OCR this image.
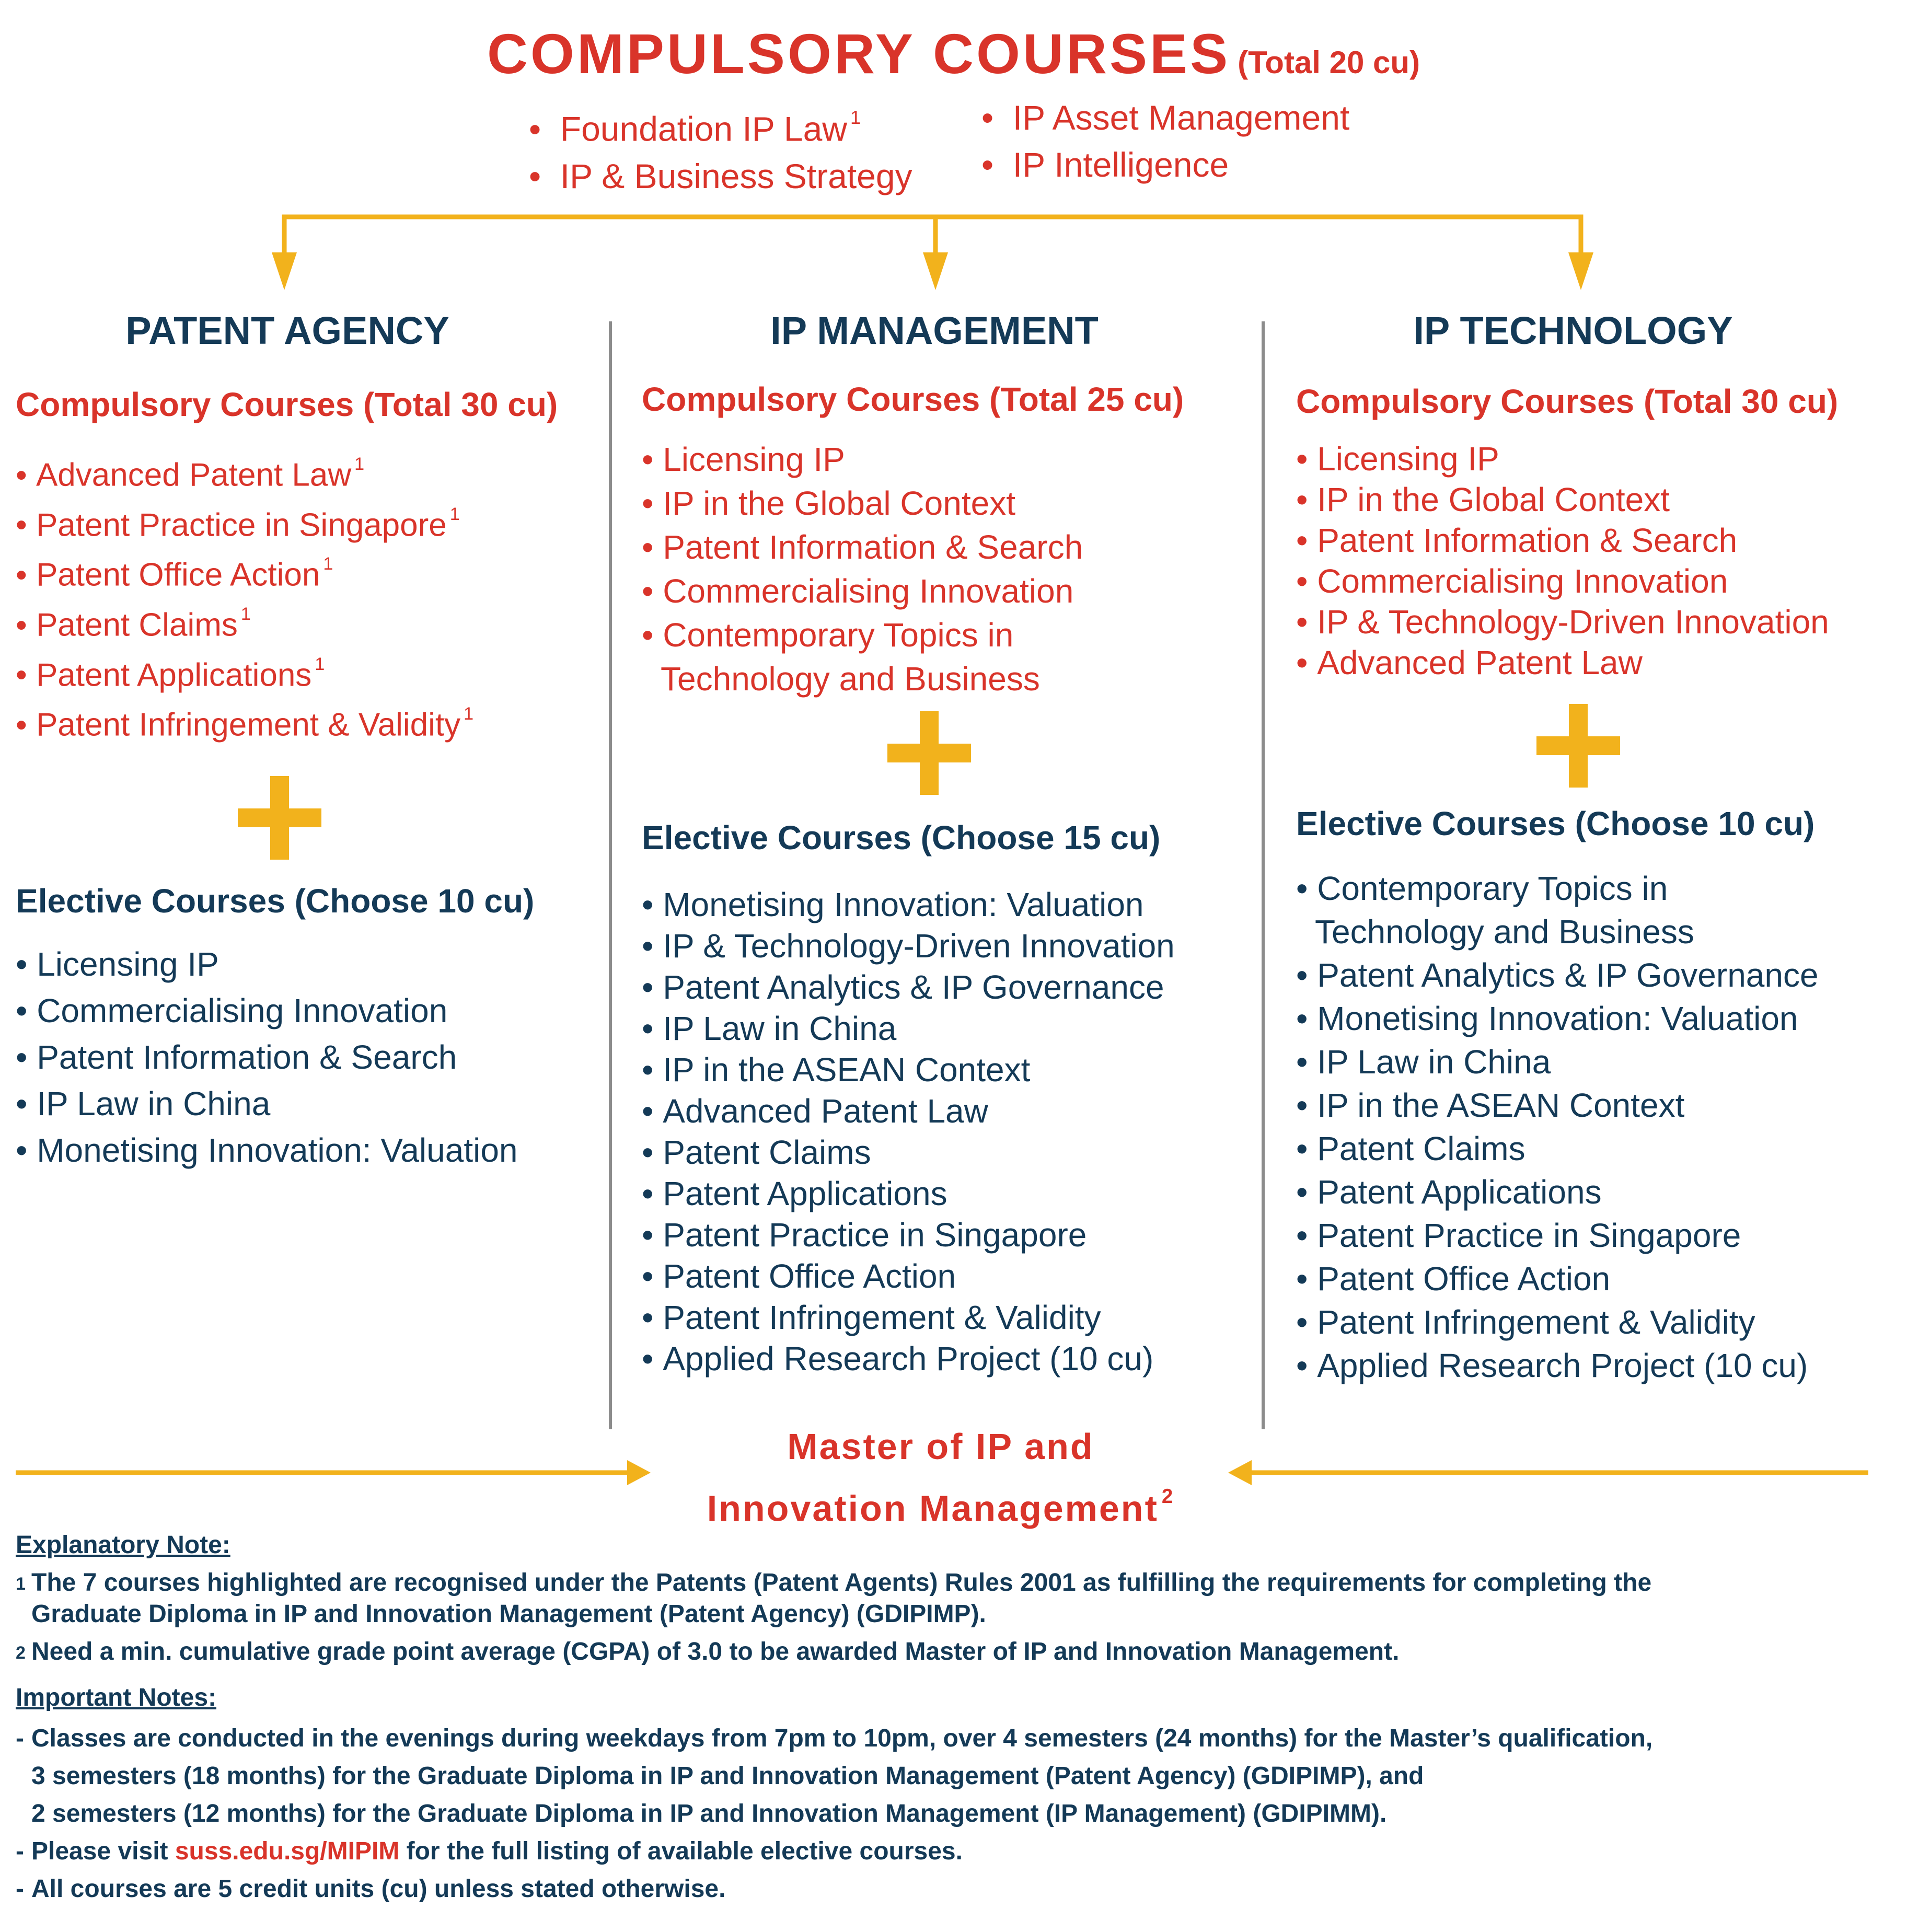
COMPULSORY COURSES (Total 20 cu)
•  Foundation IP Law $^1$
•  IP & Business Strategy
•  IP Asset Management
•  IP Intelligence
PATENT AGENCY
Compulsory Courses (Total 30 cu)
• Advanced Patent Law $^1$
• Patent Practice in Singapore $^1$
• Patent Office Action $^1$
• Patent Claims $^1$
• Patent Applications $^1$
• Patent Infringement & Validity $^1$
Elective Courses (Choose 10 cu)
• Licensing IP
• Commercialising Innovation
• Patent Information & Search
• IP Law in China
• Monetising Innovation: Valuation
IP MANAGEMENT
Compulsory Courses (Total 25 cu)
• Licensing IP
• IP in the Global Context
• Patent Information & Search
• Commercialising Innovation
• Contemporary Topics in
Technology and Business
Elective Courses (Choose 15 cu)
• Monetising Innovation: Valuation
• IP & Technology-Driven Innovation
• Patent Analytics & IP Governance
• IP Law in China
• IP in the ASEAN Context
• Advanced Patent Law
• Patent Claims
• Patent Applications
• Patent Practice in Singapore
• Patent Office Action
• Patent Infringement & Validity
• Applied Research Project (10 cu)
IP TECHNOLOGY
Compulsory Courses (Total 30 cu)
• Licensing IP
• IP in the Global Context
• Patent Information & Search
• Commercialising Innovation
• IP & Technology-Driven Innovation
• Advanced Patent Law
Elective Courses (Choose 10 cu)
• Contemporary Topics in
Technology and Business
• Patent Analytics & IP Governance
• Monetising Innovation: Valuation
• IP Law in China
• IP in the ASEAN Context
• Patent Claims
• Patent Applications
• Patent Practice in Singapore
• Patent Office Action
• Patent Infringement & Validity
• Applied Research Project (10 cu)
Master of IP and
Innovation Management $^2$
Explanatory Note:
1 The 7 courses highlighted are recognised under the Patents (Patent Agents) Rules 2001 as fulfilling the requirements for completing the
Graduate Diploma in IP and Innovation Management (Patent Agency) (GDIPIMP).
2 Need a min. cumulative grade point average (CGPA) of 3.0 to be awarded Master of IP and Innovation Management.
Important Notes:
- Classes are conducted in the evenings during weekdays from 7pm to 10pm, over 4 semesters (24 months) for the Master’s qualification,
3 semesters (18 months) for the Graduate Diploma in IP and Innovation Management (Patent Agency) (GDIPIMP), and
2 semesters (12 months) for the Graduate Diploma in IP and Innovation Management (IP Management) (GDIPIMM).
- Please visit suss.edu.sg/MIPIM for the full listing of available elective courses.
- All courses are 5 credit units (cu) unless stated otherwise.
